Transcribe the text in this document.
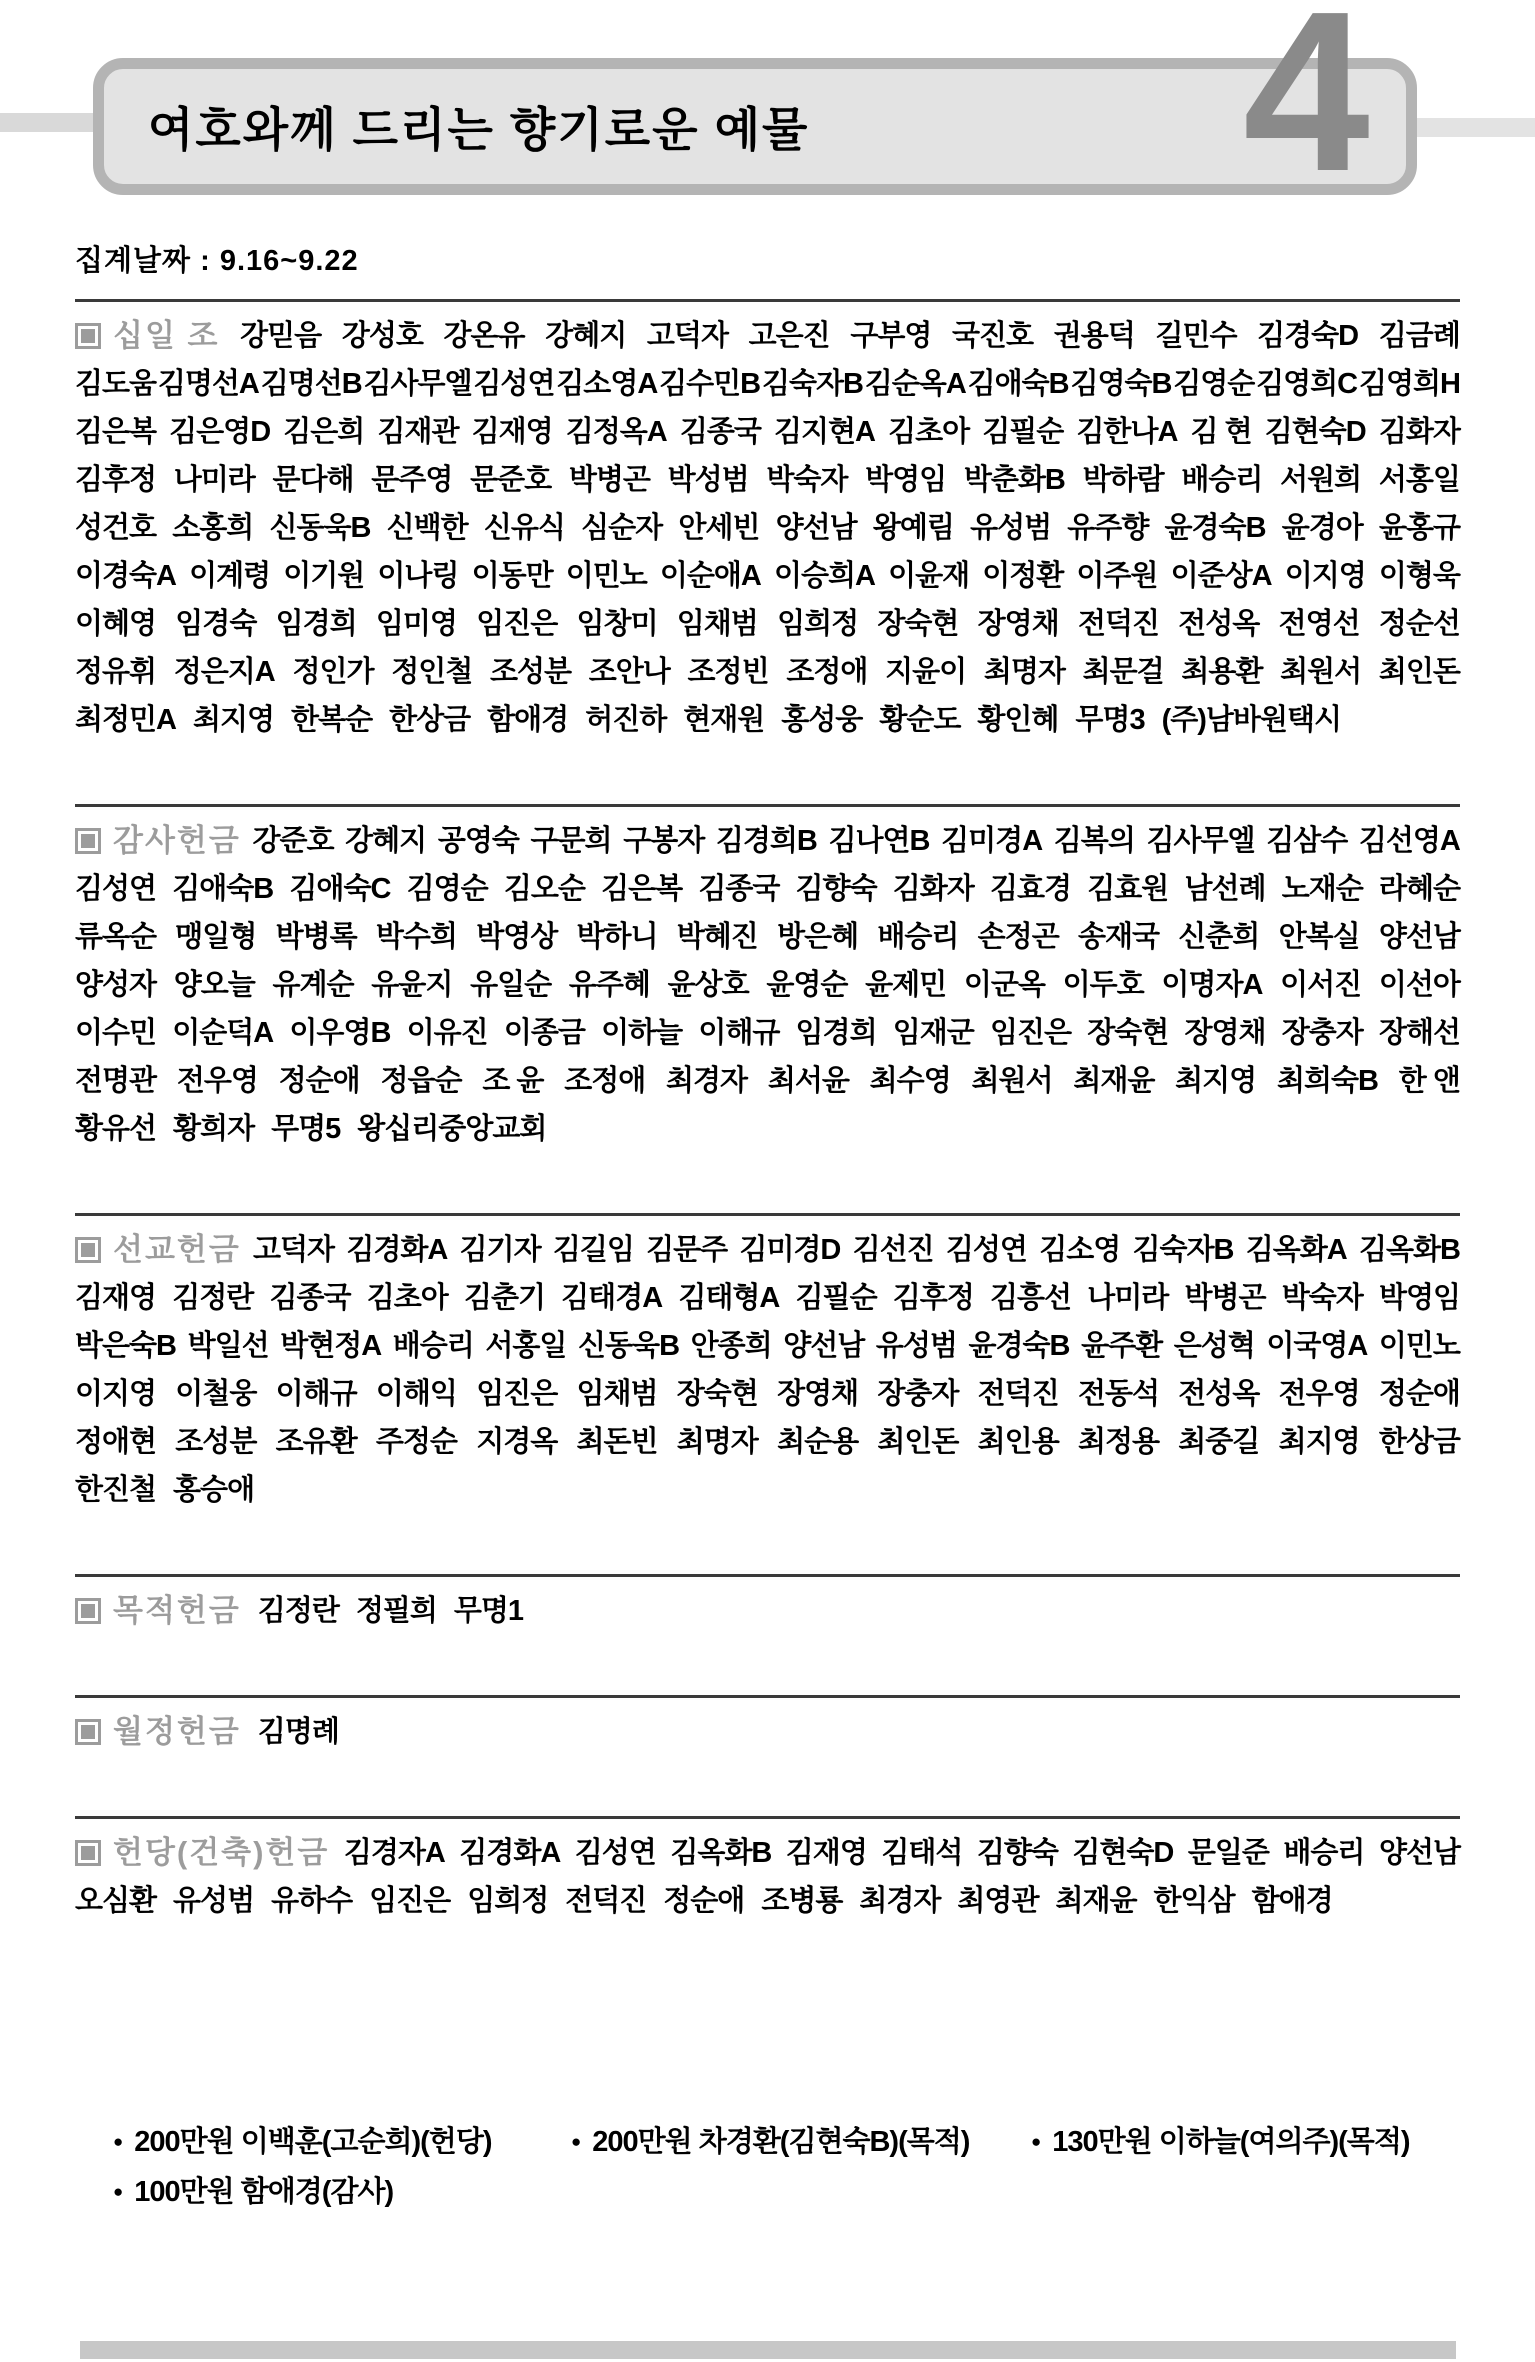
여호와께 드리는 향기로운 예물 4
집계날짜 : 9.16~9.22
십일 조 강믿음 강성호 강온유 강혜지 고덕자 고은진 구부영 국진호 권용덕 길민수 김경숙D 김금례
김도움 김명선A 김명선B 김사무엘 김성연 김소영A 김수민B 김숙자B 김순옥A 김애숙B 김영숙B 김영순 김영희C 김영희H
김은복 김은영D 김은희 김재관 김재영 김정옥A 김종국 김지현A 김초아 김필순 김한나A 김 현 김현숙D 김화자
김후정 나미라 문다해 문주영 문준호 박병곤 박성범 박숙자 박영임 박춘화B 박하람 배승리 서원희 서홍일
성건호 소홍희 신동욱B 신백한 신유식 심순자 안세빈 양선남 왕예림 유성범 유주향 윤경숙B 윤경아 윤홍규
이경숙A 이계령 이기원 이나링 이동만 이민노 이순애A 이승희A 이윤재 이정환 이주원 이준상A 이지영 이형욱
이혜영 임경숙 임경희 임미영 임진은 임창미 임채범 임희정 장숙현 장영채 전덕진 전성옥 전영선 정순선
정유휘 정은지A 정인가 정인철 조성분 조안나 조정빈 조정애 지윤이 최명자 최문걸 최용환 최원서 최인돈
최정민A 최지영 한복순 한상금 함애경 허진하 현재원 홍성웅 황순도 황인혜 무명3 (주)남바원택시
감사헌금 강준호 강혜지 공영숙 구문희 구봉자 김경희B 김나연B 김미경A 김복의 김사무엘 김삼수 김선영A
김성연 김애숙B 김애숙C 김영순 김오순 김은복 김종국 김향숙 김화자 김효경 김효원 남선례 노재순 라혜순
류옥순 맹일형 박병록 박수희 박영상 박하니 박혜진 방은혜 배승리 손정곤 송재국 신춘희 안복실 양선남
양성자 양오늘 유계순 유윤지 유일순 유주혜 윤상호 윤영순 윤제민 이군옥 이두호 이명자A 이서진 이선아
이수민 이순덕A 이우영B 이유진 이종금 이하늘 이해규 임경희 임재군 임진은 장숙현 장영채 장충자 장해선
전명관 전우영 정순애 정읍순 조 윤 조정애 최경자 최서윤 최수영 최원서 최재윤 최지영 최희숙B 한 앤
황유선 황희자 무명5 왕십리중앙교회
선교헌금 고덕자 김경화A 김기자 김길임 김문주 김미경D 김선진 김성연 김소영 김숙자B 김옥화A 김옥화B
김재영 김정란 김종국 김초아 김춘기 김태경A 김태형A 김필순 김후정 김흥선 나미라 박병곤 박숙자 박영임
박은숙B 박일선 박현정A 배승리 서홍일 신동욱B 안종희 양선남 유성범 윤경숙B 윤주환 은성혁 이국영A 이민노
이지영 이철웅 이해규 이해익 임진은 임채범 장숙현 장영채 장충자 전덕진 전동석 전성옥 전우영 정순애
정애현 조성분 조유환 주정순 지경옥 최돈빈 최명자 최순용 최인돈 최인용 최정용 최중길 최지영 한상금
한진철 홍승애
목적헌금 김정란 정필희 무명1
월정헌금 김명례
헌당(건축)헌금 김경자A 김경화A 김성연 김옥화B 김재영 김태석 김향숙 김현숙D 문일준 배승리 양선남
오심환 유성범 유하수 임진은 임희정 전덕진 정순애 조병룡 최경자 최영관 최재윤 한익삼 함애경
● 200만원 이백훈(고순희)(헌당)	● 200만원 차경환(김현숙B)(목적)	● 130만원 이하늘(여의주)(목적)
● 100만원 함애경(감사)
